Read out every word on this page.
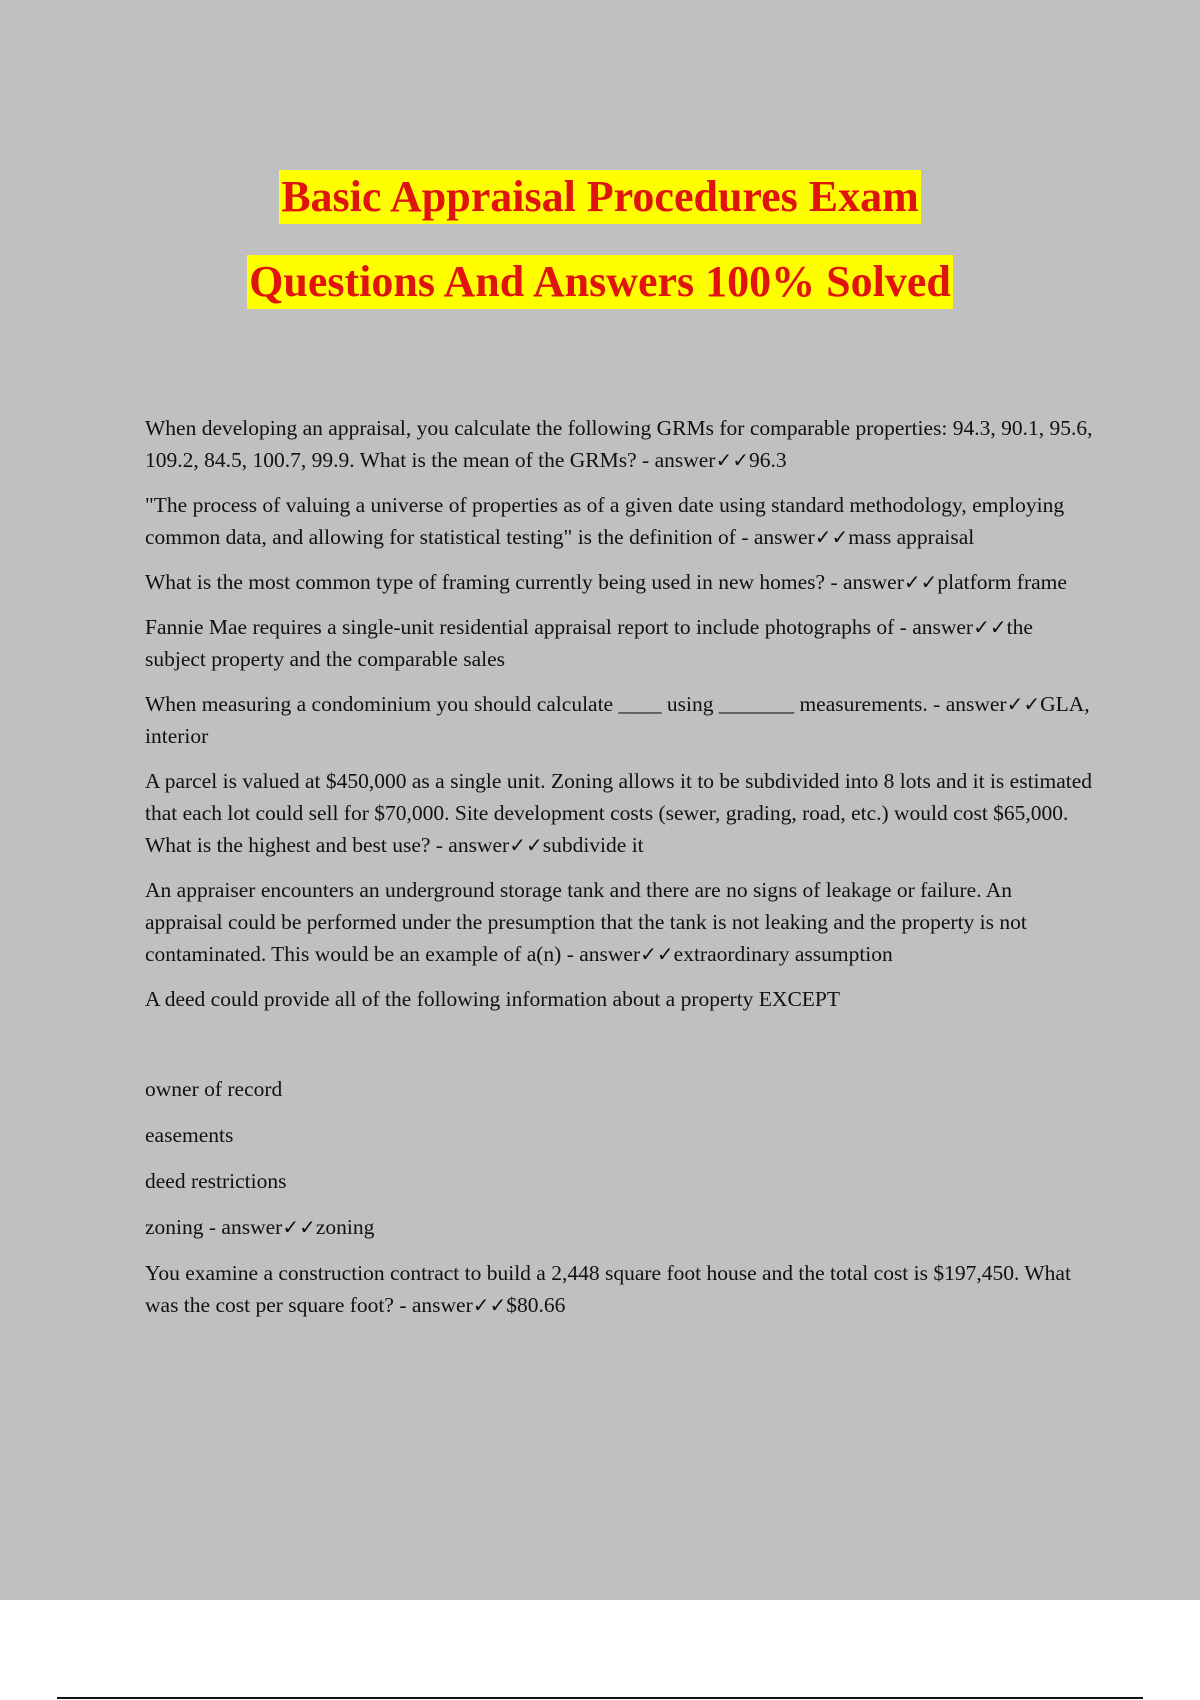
Basic Appraisal Procedures Exam
Questions And Answers 100% Solved

When developing an appraisal, you calculate the following GRMs for comparable properties: 94.3, 90.1, 95.6, 109.2, 84.5, 100.7, 99.9. What is the mean of the GRMs? - answer✓✓96.3

"The process of valuing a universe of properties as of a given date using standard methodology, employing common data, and allowing for statistical testing" is the definition of - answer✓✓mass appraisal

What is the most common type of framing currently being used in new homes? - answer✓✓platform frame

Fannie Mae requires a single-unit residential appraisal report to include photographs of - answer✓✓the subject property and the comparable sales

When measuring a condominium you should calculate ____ using _______ measurements. - answer✓✓GLA, interior

A parcel is valued at $450,000 as a single unit. Zoning allows it to be subdivided into 8 lots and it is estimated that each lot could sell for $70,000. Site development costs (sewer, grading, road, etc.) would cost $65,000. What is the highest and best use? - answer✓✓subdivide it

An appraiser encounters an underground storage tank and there are no signs of leakage or failure. An appraisal could be performed under the presumption that the tank is not leaking and the property is not contaminated. This would be an example of a(n) - answer✓✓extraordinary assumption

A deed could provide all of the following information about a property EXCEPT

owner of record

easements

deed restrictions

zoning - answer✓✓zoning

You examine a construction contract to build a 2,448 square foot house and the total cost is $197,450. What was the cost per square foot? - answer✓✓$80.66
